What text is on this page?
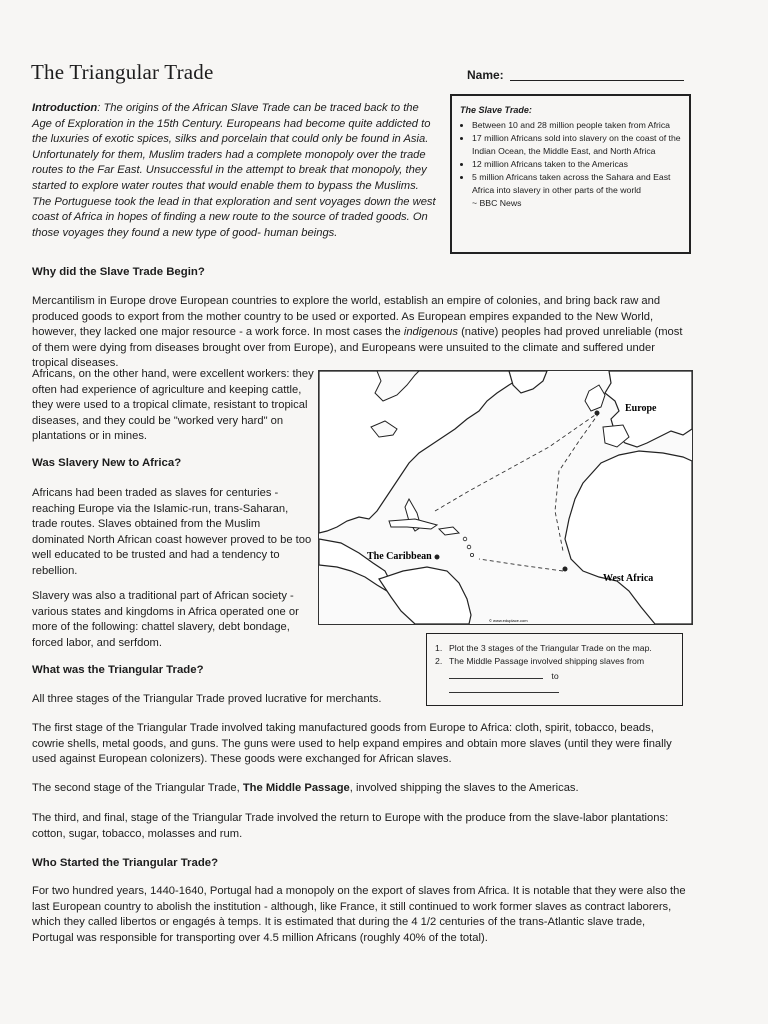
The Triangular Trade	Name:
Introduction: The origins of the African Slave Trade can be traced back to the Age of Exploration in the 15th Century. Europeans had become quite addicted to the luxuries of exotic spices, silks and porcelain that could only be found in Asia. Unfortunately for them, Muslim traders had a complete monopoly over the trade routes to the Far East. Unsuccessful in the attempt to break that monopoly, they started to explore water routes that would enable them to bypass the Muslims. The Portuguese took the lead in that exploration and sent voyages down the west coast of Africa in hopes of finding a new route to the source of traded goods. On those voyages they found a new type of good- human beings.
The Slave Trade:
• Between 10 and 28 million people taken from Africa
• 17 million Africans sold into slavery on the coast of the Indian Ocean, the Middle East, and North Africa
• 12 million Africans taken to the Americas
• 5 million Africans taken across the Sahara and East Africa into slavery in other parts of the world
~ BBC News
Why did the Slave Trade Begin?
Mercantilism in Europe drove European countries to explore the world, establish an empire of colonies, and bring back raw and produced goods to export from the mother country to be used or exported. As European empires expanded to the New World, however, they lacked one major resource - a work force. In most cases the indigenous (native) peoples had proved unreliable (most of them were dying from diseases brought over from Europe), and Europeans were unsuited to the climate and suffered under tropical diseases.
Africans, on the other hand, were excellent workers: they often had experience of agriculture and keeping cattle, they were used to a tropical climate, resistant to tropical diseases, and they could be "worked very hard" on plantations or in mines.
Was Slavery New to Africa?
Africans had been traded as slaves for centuries - reaching Europe via the Islamic-run, trans-Saharan, trade routes. Slaves obtained from the Muslim dominated North African coast however proved to be too well educated to be trusted and had a tendency to rebellion.
Slavery was also a traditional part of African society - various states and kingdoms in Africa operated one or more of the following: chattel slavery, debt bondage, forced labor, and serfdom.
Europe
The Caribbean
West Africa
© www.eduplace.com
1. Plot the 3 stages of the Triangular Trade on the map.
2. The Middle Passage involved shipping slaves from
to
What was the Triangular Trade?
All three stages of the Triangular Trade proved lucrative for merchants.
The first stage of the Triangular Trade involved taking manufactured goods from Europe to Africa: cloth, spirit, tobacco, beads, cowrie shells, metal goods, and guns. The guns were used to help expand empires and obtain more slaves (until they were finally used against European colonizers). These goods were exchanged for African slaves.
The second stage of the Triangular Trade, The Middle Passage, involved shipping the slaves to the Americas.
The third, and final, stage of the Triangular Trade involved the return to Europe with the produce from the slave-labor plantations: cotton, sugar, tobacco, molasses and rum.
Who Started the Triangular Trade?
For two hundred years, 1440-1640, Portugal had a monopoly on the export of slaves from Africa. It is notable that they were also the last European country to abolish the institution - although, like France, it still continued to work former slaves as contract laborers, which they called libertos or engagés à temps. It is estimated that during the 4 1/2 centuries of the trans-Atlantic slave trade, Portugal was responsible for transporting over 4.5 million Africans (roughly 40% of the total).
